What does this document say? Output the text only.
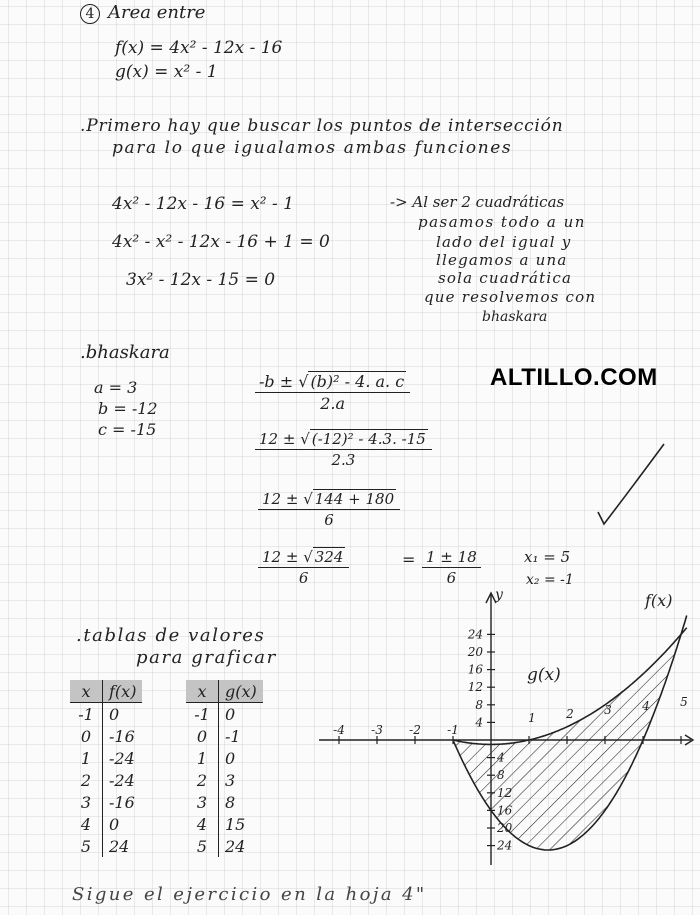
4 Area entre
f(x) = 4x² - 12x - 16
g(x) = x² - 1
.Primero hay que buscar los puntos de intersección
para lo que igualamos ambas funciones
4x² - 12x - 16 = x² - 1
4x² - x² - 12x - 16 + 1 = 0
3x² - 12x - 15 = 0
-> Al ser 2 cuadráticas
pasamos todo a un
lado del igual y
llegamos a una
sola cuadrática
que resolvemos con
bhaskara
.bhaskara
a = 3
b = -12
c = -15
$\frac{\text{-b ± √ (b)² - 4. a. c}}{2.a}$
$\frac{\text{12 ± √ (-12)² - 4.3. -15}}{2.3}$
$\frac{12 \pm √ 144 + 180}{6}$
$\frac{12 \pm √ 324}{6}$	= $\frac{1 \pm 18}{6}$	x₁ = 5
x₂ = -1
ALTILLO.COM
.tablas de valores
para graficar
x	f(x)
-1	0
0	-16
1	-24
2	-24
3	-16
4	0
5	24
x	g(x)
-1	0
0	-1
1	0
2	3
3	8
4	15
5	24
-4 -3 -2 -1
1	2	3	4	5
4
8
12
16
20
24
4
8
12
16
20
24
y	f(x)
g(x)
Sigue el ejercicio en la hoja 4"
